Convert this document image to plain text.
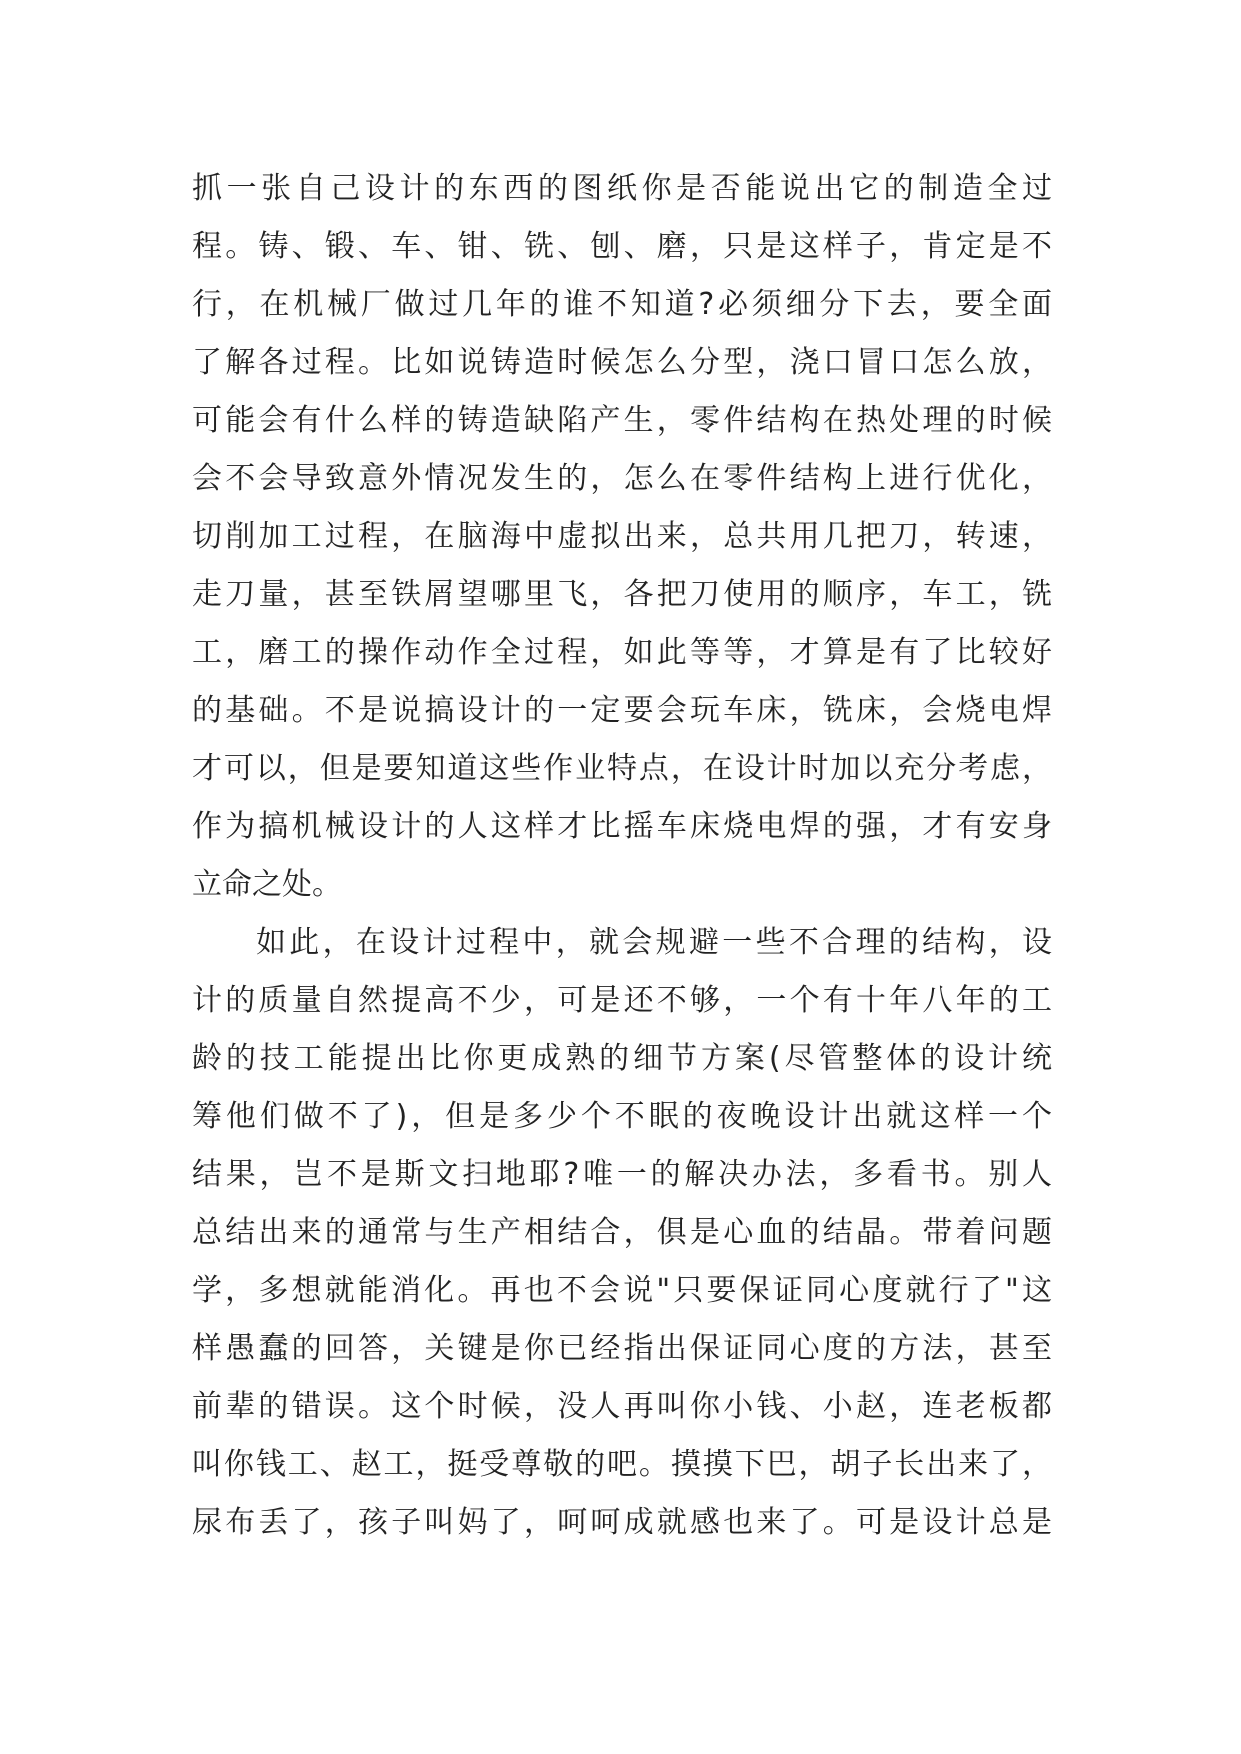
抓一张自己设计的东西的图纸你是否能说出它的制造全过
程。铸、锻、车、钳、铣、刨、磨，只是这样子，肯定是不
行，在机械厂做过几年的谁不知道?必须细分下去，要全面
了解各过程。比如说铸造时候怎么分型，浇口冒口怎么放，
可能会有什么样的铸造缺陷产生，零件结构在热处理的时候
会不会导致意外情况发生的，怎么在零件结构上进行优化，
切削加工过程，在脑海中虚拟出来，总共用几把刀，转速，
走刀量，甚至铁屑望哪里飞，各把刀使用的顺序，车工，铣
工，磨工的操作动作全过程，如此等等，才算是有了比较好
的基础。不是说搞设计的一定要会玩车床，铣床，会烧电焊
才可以，但是要知道这些作业特点，在设计时加以充分考虑，
作为搞机械设计的人这样才比摇车床烧电焊的强，才有安身
立命之处。
如此，在设计过程中，就会规避一些不合理的结构，设
计的质量自然提高不少，可是还不够，一个有十年八年的工
龄的技工能提出比你更成熟的细节方案(尽管整体的设计统
筹他们做不了)，但是多少个不眠的夜晚设计出就这样一个
结果，岂不是斯文扫地耶?唯一的解决办法，多看书。别人
总结出来的通常与生产相结合，俱是心血的结晶。带着问题
学，多想就能消化。再也不会说"只要保证同心度就行了"这
样愚蠢的回答，关键是你已经指出保证同心度的方法，甚至
前辈的错误。这个时候，没人再叫你小钱、小赵，连老板都
叫你钱工、赵工，挺受尊敬的吧。摸摸下巴，胡子长出来了，
尿布丢了，孩子叫妈了，呵呵成就感也来了。可是设计总是
